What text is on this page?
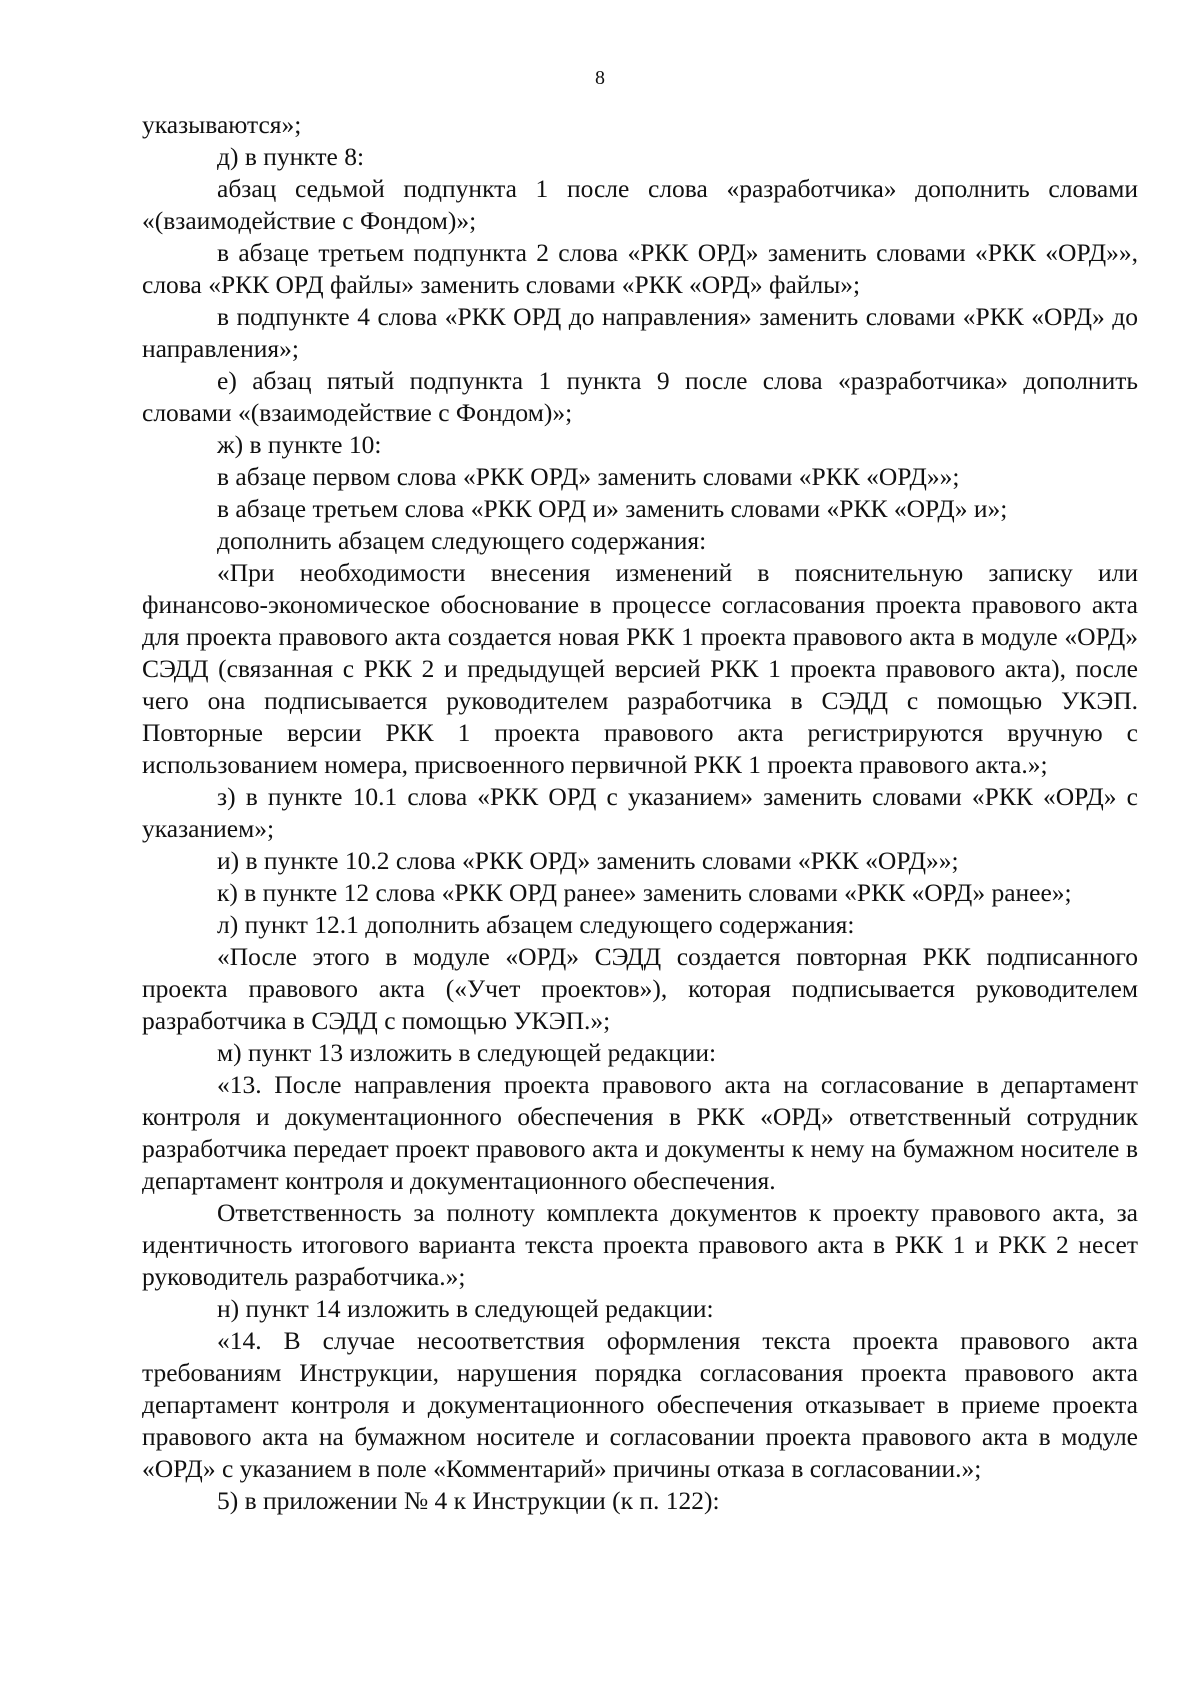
8

указываются»;

д) в пункте 8:

абзац седьмой подпункта 1 после слова «разработчика» дополнить словами «(взаимодействие с Фондом)»;

в абзаце третьем подпункта 2 слова «РКК ОРД» заменить словами «РКК «ОРД»», слова «РКК ОРД файлы» заменить словами «РКК «ОРД» файлы»;

в подпункте 4 слова «РКК ОРД до направления» заменить словами «РКК «ОРД» до направления»;

е) абзац пятый подпункта 1 пункта 9 после слова «разработчика» дополнить словами «(взаимодействие с Фондом)»;

ж) в пункте 10:

в абзаце первом слова «РКК ОРД» заменить словами «РКК «ОРД»»;

в абзаце третьем слова «РКК ОРД и» заменить словами «РКК «ОРД» и»;

дополнить абзацем следующего содержания:

«При необходимости внесения изменений в пояснительную записку или финансово-экономическое обоснование в процессе согласования проекта правового акта для проекта правового акта создается новая РКК 1 проекта правового акта в модуле «ОРД» СЭДД (связанная с РКК 2 и предыдущей версией РКК 1 проекта правового акта), после чего она подписывается руководителем разработчика в СЭДД с помощью УКЭП. Повторные версии РКК 1 проекта правового акта регистрируются вручную с использованием номера, присвоенного первичной РКК 1 проекта правового акта.»;

з) в пункте 10.1 слова «РКК ОРД с указанием» заменить словами «РКК «ОРД» с указанием»;

и) в пункте 10.2 слова «РКК ОРД» заменить словами «РКК «ОРД»»;

к) в пункте 12 слова «РКК ОРД ранее» заменить словами «РКК «ОРД» ранее»;

л) пункт 12.1 дополнить абзацем следующего содержания:

«После этого в модуле «ОРД» СЭДД создается повторная РКК подписанного проекта правового акта («Учет проектов»), которая подписывается руководителем разработчика в СЭДД с помощью УКЭП.»;

м) пункт 13 изложить в следующей редакции:

«13. После направления проекта правового акта на согласование в департамент контроля и документационного обеспечения в РКК «ОРД» ответственный сотрудник разработчика передает проект правового акта и документы к нему на бумажном носителе в департамент контроля и документационного обеспечения.

Ответственность за полноту комплекта документов к проекту правового акта, за идентичность итогового варианта текста проекта правового акта в РКК 1 и РКК 2 несет руководитель разработчика.»;

н) пункт 14 изложить в следующей редакции:

«14. В случае несоответствия оформления текста проекта правового акта требованиям Инструкции, нарушения порядка согласования проекта правового акта департамент контроля и документационного обеспечения отказывает в приеме проекта правового акта на бумажном носителе и согласовании проекта правового акта в модуле «ОРД» с указанием в поле «Комментарий» причины отказа в согласовании.»;

5) в приложении № 4 к Инструкции (к п. 122):
